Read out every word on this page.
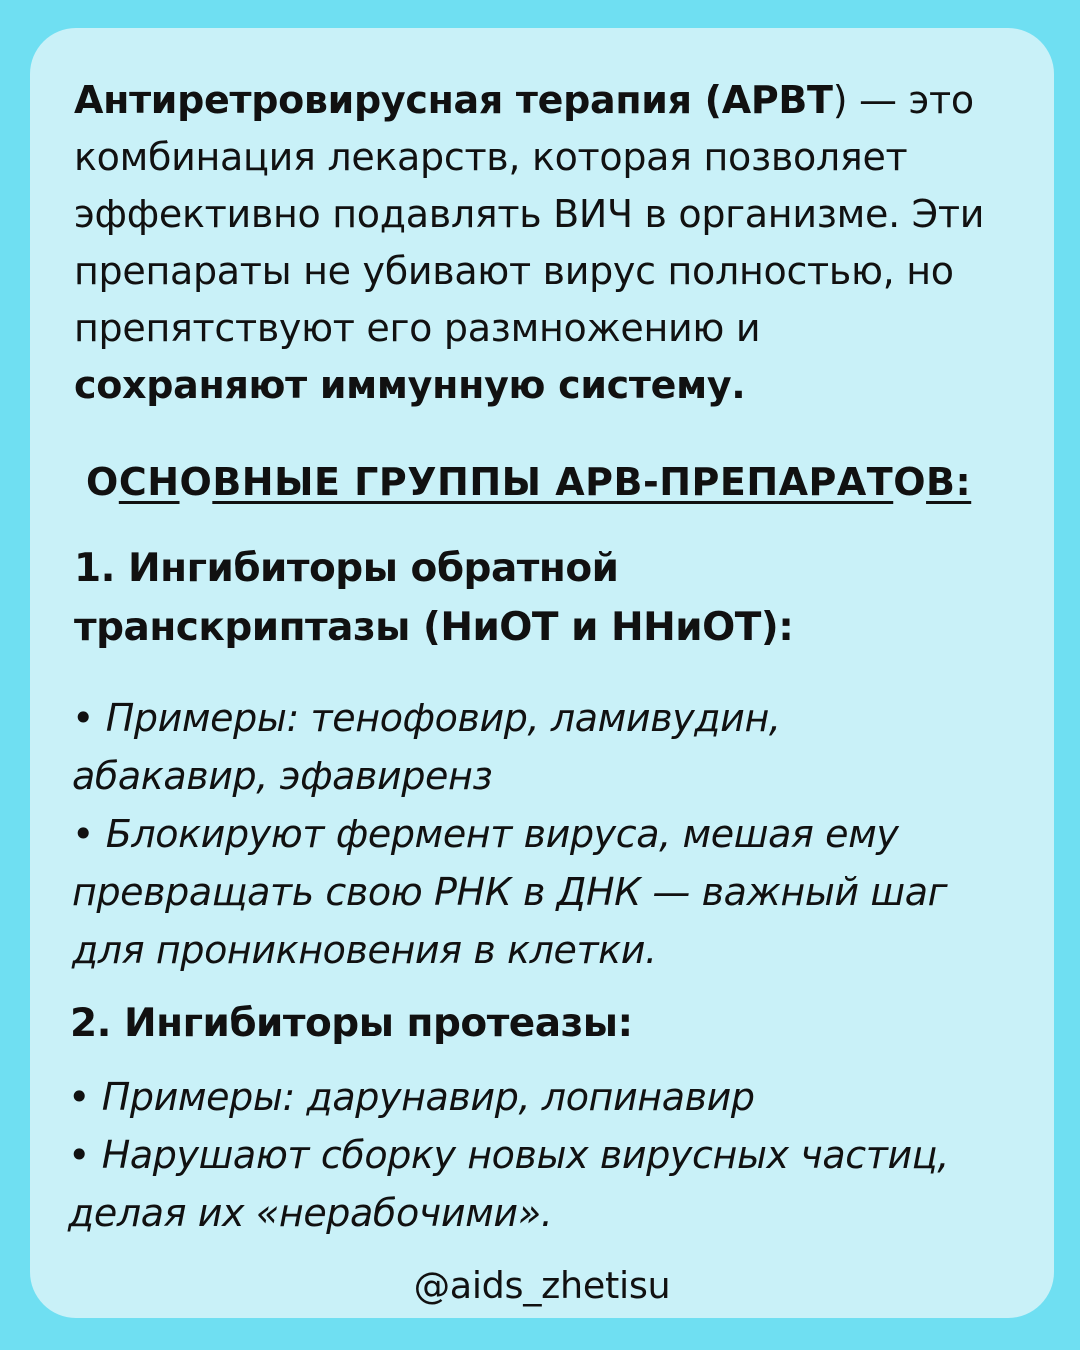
Антиретровирусная терапия (АРВТ) — это
комбинация лекарств, которая позволяет
эффективно подавлять ВИЧ в организме. Эти
препараты не убивают вирус полностью, но
препятствуют его размножению и
сохраняют иммунную систему.
ОСНОВНЫЕ ГРУППЫ АРВ-ПРЕПАРАТОВ:
1. Ингибиторы обратной
транскриптазы (НиОТ и ННиОТ):
• Примеры: тенофовир, ламивудин,
абакавир, эфавиренз
• Блокируют фермент вируса, мешая ему
превращать свою РНК в ДНК — важный шаг
для проникновения в клетки.
2. Ингибиторы протеазы:
• Примеры: дарунавир, лопинавир
• Нарушают сборку новых вирусных частиц,
делая их «нерабочими».
@aids_zhetisu
